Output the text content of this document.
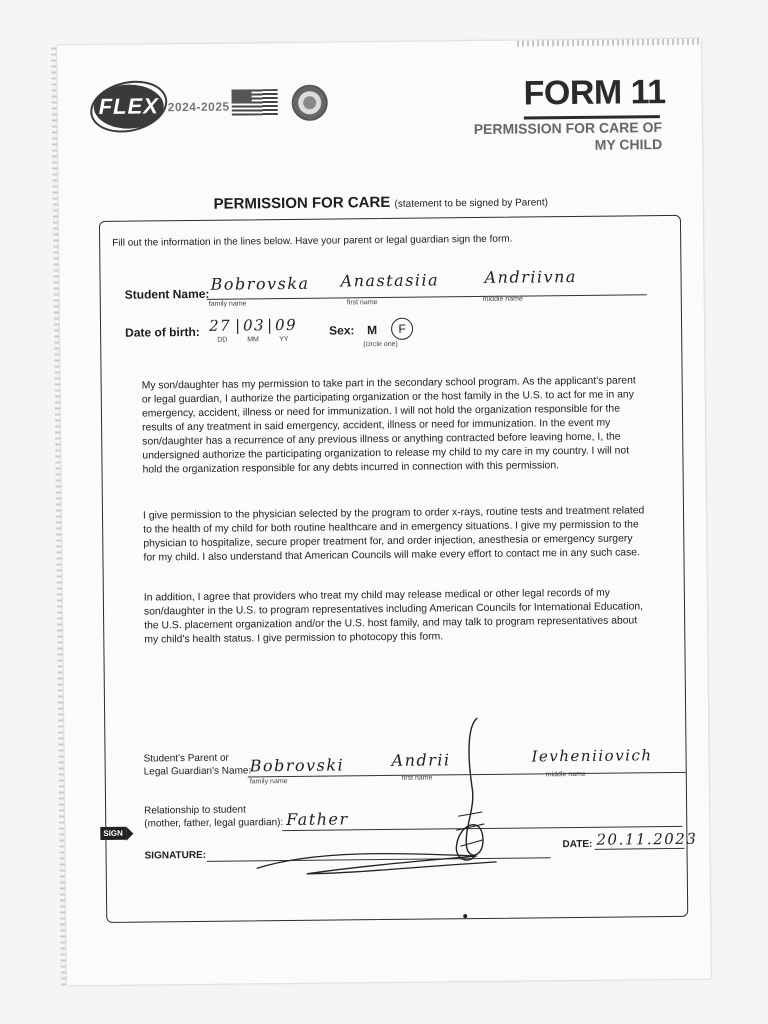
FLEX 2024-2025	FORM 11
PERMISSION FOR CARE OF MY CHILD
PERMISSION FOR CARE (statement to be signed by Parent)
Fill out the information in the lines below. Have your parent or legal guardian sign the form.
Student Name:
Bobrovska Anastasiia	Andriivna
family name	first name	middle name
Date of birth: 27 | 03 | 09
DD	MM	YY
Sex: M	F
(circle one)
My son/daughter has my permission to take part in the secondary school program. As the applicant's parent or legal guardian, I authorize the participating organization or the host family in the U.S. to act for me in any emergency, accident, illness or need for immunization. I will not hold the organization responsible for the results of any treatment in said emergency, accident, illness or need for immunization. In the event my son/daughter has a recurrence of any previous illness or anything contracted before leaving home, I, the undersigned authorize the participating organization to release my child to my care in my country. I will not hold the organization responsible for any debts incurred in connection with this permission.
I give permission to the physician selected by the program to order x-rays, routine tests and treatment related to the health of my child for both routine healthcare and in emergency situations. I give my permission to the physician to hospitalize, secure proper treatment for, and order injection, anesthesia or emergency surgery for my child. I also understand that American Councils will make every effort to contact me in any such case.
In addition, I agree that providers who treat my child may release medical or other legal records of my son/daughter in the U.S. to program representatives including American Councils for International Education, the U.S. placement organization and/or the U.S. host family, and may talk to program representatives about my child's health status. I give permission to photocopy this form.
Student's Parent or
Legal Guardian's Name:
Bobrovski	Andrii	Ievheniiovich
family name	first name	middle name
Relationship to student
(mother, father, legal guardian): Father
SIGN
SIGNATURE:
DATE: 20.11.2023
